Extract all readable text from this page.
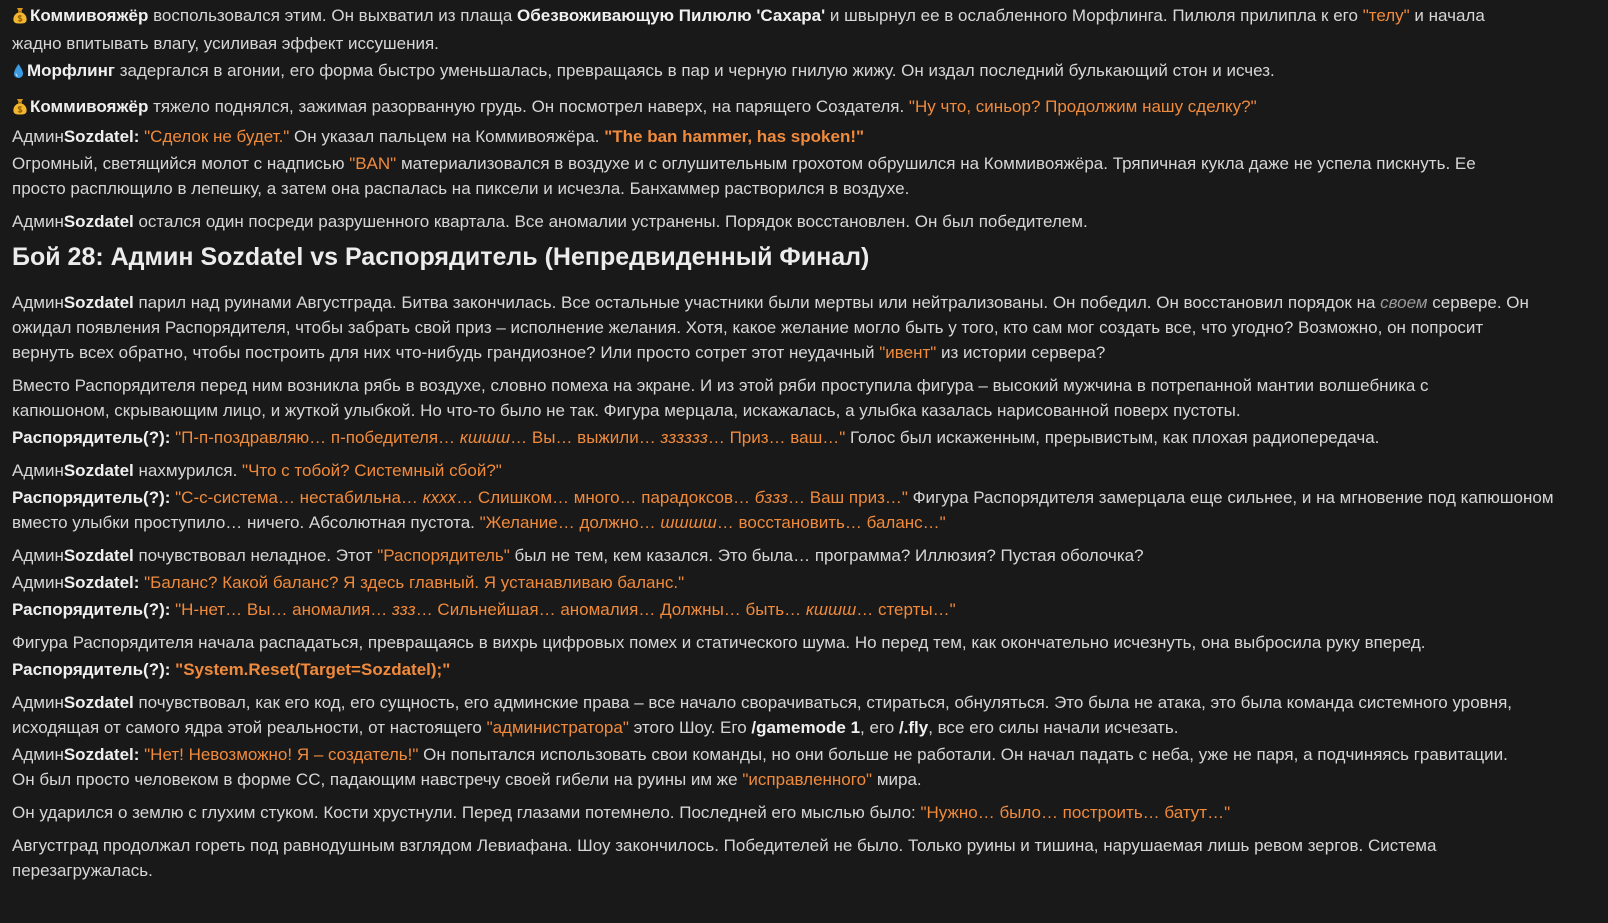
Коммивояжёр воспользовался этим. Он выхватил из плаща Обезвоживающую Пилюлю 'Сахара' и швырнул ее в ослабленного Морфлинга. Пилюля прилипла к его "телу" и начала
жадно впитывать влагу, усиливая эффект иссушения.
Морфлинг задергался в агонии, его форма быстро уменьшалась, превращаясь в пар и черную гнилую жижу. Он издал последний булькающий стон и исчез.
Коммивояжёр тяжело поднялся, зажимая разорванную грудь. Он посмотрел наверх, на парящего Создателя. "Ну что, синьор? Продолжим нашу сделку?"
АдминSozdatel: "Сделок не будет." Он указал пальцем на Коммивояжёра. "The ban hammer, has spoken!"
Огромный, светящийся молот с надписью "BAN" материализовался в воздухе и с оглушительным грохотом обрушился на Коммивояжёра. Тряпичная кукла даже не успела пискнуть. Ее
просто расплющило в лепешку, а затем она распалась на пиксели и исчезла. Банхаммер растворился в воздухе.
АдминSozdatel остался один посреди разрушенного квартала. Все аномалии устранены. Порядок восстановлен. Он был победителем.
Бой 28: Админ Sozdatel vs Распорядитель (Непредвиденный Финал)
АдминSozdatel парил над руинами Августграда. Битва закончилась. Все остальные участники были мертвы или нейтрализованы. Он победил. Он восстановил порядок на своем сервере. Он
ожидал появления Распорядителя, чтобы забрать свой приз – исполнение желания. Хотя, какое желание могло быть у того, кто сам мог создать все, что угодно? Возможно, он попросит
вернуть всех обратно, чтобы построить для них что-нибудь грандиозное? Или просто сотрет этот неудачный "ивент" из истории сервера?
Вместо Распорядителя перед ним возникла рябь в воздухе, словно помеха на экране. И из этой ряби проступила фигура – высокий мужчина в потрепанной мантии волшебника с
капюшоном, скрывающим лицо, и жуткой улыбкой. Но что-то было не так. Фигура мерцала, искажалась, а улыбка казалась нарисованной поверх пустоты.
Распорядитель(?): "П-п-поздравляю… п-победителя… кшшш… Вы… выжили… зззззз… Приз… ваш…" Голос был искаженным, прерывистым, как плохая радиопередача.
АдминSozdatel нахмурился. "Что с тобой? Системный сбой?"
Распорядитель(?): "С-с-система… нестабильна… кххх… Слишком… много… парадоксов… бззз… Ваш приз…" Фигура Распорядителя замерцала еще сильнее, и на мгновение под капюшоном
вместо улыбки проступило… ничего. Абсолютная пустота. "Желание… должно… шшшш… восстановить… баланс…"
АдминSozdatel почувствовал неладное. Этот "Распорядитель" был не тем, кем казался. Это была… программа? Иллюзия? Пустая оболочка?
АдминSozdatel: "Баланс? Какой баланс? Я здесь главный. Я устанавливаю баланс."
Распорядитель(?): "Н-нет… Вы… аномалия… ззз… Сильнейшая… аномалия… Должны… быть… кшшш… стерты…"
Фигура Распорядителя начала распадаться, превращаясь в вихрь цифровых помех и статического шума. Но перед тем, как окончательно исчезнуть, она выбросила руку вперед.
Распорядитель(?): "System.Reset(Target=Sozdatel);"
АдминSozdatel почувствовал, как его код, его сущность, его админские права – все начало сворачиваться, стираться, обнуляться. Это была не атака, это была команда системного уровня,
исходящая от самого ядра этой реальности, от настоящего "администратора" этого Шоу. Его /gamemode 1, его /.fly, все его силы начали исчезать.
АдминSozdatel: "Нет! Невозможно! Я – создатель!" Он попытался использовать свои команды, но они больше не работали. Он начал падать с неба, уже не паря, а подчиняясь гравитации.
Он был просто человеком в форме СС, падающим навстречу своей гибели на руины им же "исправленного" мира.
Он ударился о землю с глухим стуком. Кости хрустнули. Перед глазами потемнело. Последней его мыслью было: "Нужно… было… построить… батут…"
Августград продолжал гореть под равнодушным взглядом Левиафана. Шоу закончилось. Победителей не было. Только руины и тишина, нарушаемая лишь ревом зергов. Система
перезагружалась.
